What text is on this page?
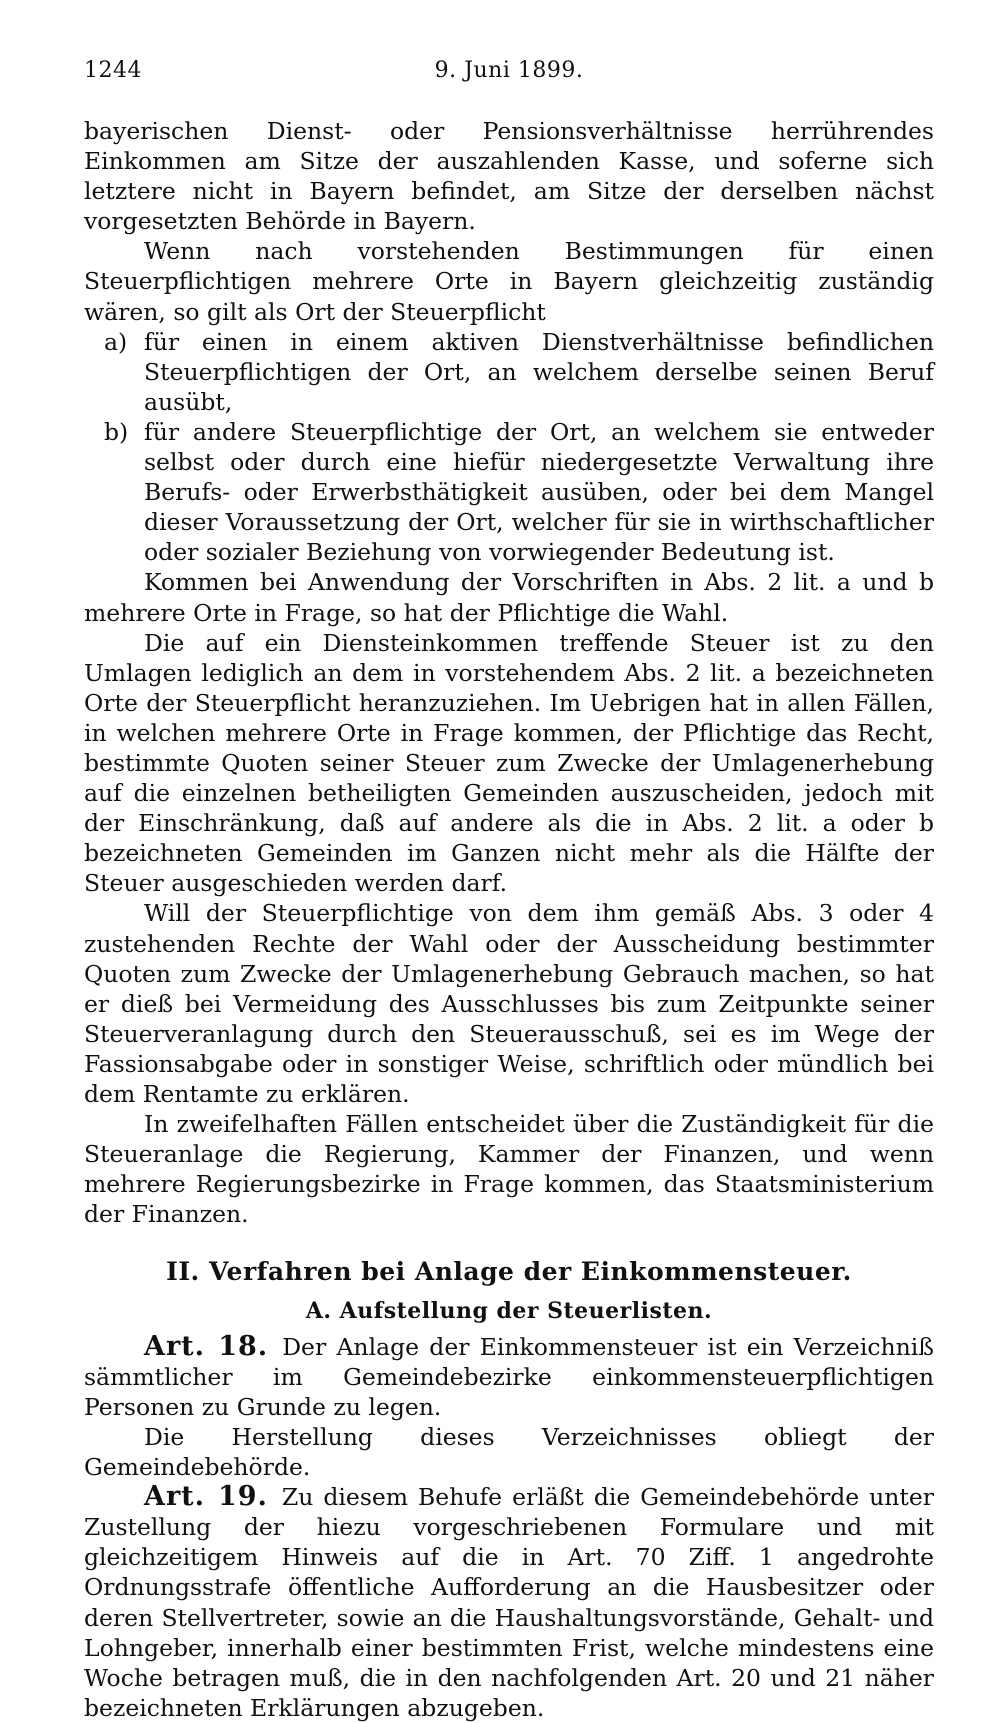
1244	9. Juni 1899.

bayerischen Dienst- oder Pensionsverhältnisse herrührendes Einkommen am Sitze der auszahlenden Kasse, und soferne sich letztere nicht in Bayern befindet, am Sitze der derselben nächst vorgesetzten Behörde in Bayern.

Wenn nach vorstehenden Bestimmungen für einen Steuerpflichtigen mehrere Orte in Bayern gleichzeitig zuständig wären, so gilt als Ort der Steuerpflicht

a) für einen in einem aktiven Dienstverhältnisse befindlichen Steuerpflichtigen der Ort, an welchem derselbe seinen Beruf ausübt,
b) für andere Steuerpflichtige der Ort, an welchem sie entweder selbst oder durch eine hiefür niedergesetzte Verwaltung ihre Berufs- oder Erwerbsthätigkeit ausüben, oder bei dem Mangel dieser Voraussetzung der Ort, welcher für sie in wirthschaftlicher oder sozialer Beziehung von vorwiegender Bedeutung ist.

Kommen bei Anwendung der Vorschriften in Abs. 2 lit. a und b mehrere Orte in Frage, so hat der Pflichtige die Wahl.

Die auf ein Diensteinkommen treffende Steuer ist zu den Umlagen lediglich an dem in vorstehendem Abs. 2 lit. a bezeichneten Orte der Steuerpflicht heranzuziehen. Im Uebrigen hat in allen Fällen, in welchen mehrere Orte in Frage kommen, der Pflichtige das Recht, bestimmte Quoten seiner Steuer zum Zwecke der Umlagenerhebung auf die einzelnen betheiligten Gemeinden auszuscheiden, jedoch mit der Einschränkung, daß auf andere als die in Abs. 2 lit. a oder b bezeichneten Gemeinden im Ganzen nicht mehr als die Hälfte der Steuer ausgeschieden werden darf.

Will der Steuerpflichtige von dem ihm gemäß Abs. 3 oder 4 zustehenden Rechte der Wahl oder der Ausscheidung bestimmter Quoten zum Zwecke der Umlagenerhebung Gebrauch machen, so hat er dieß bei Vermeidung des Ausschlusses bis zum Zeitpunkte seiner Steuerveranlagung durch den Steuerausschuß, sei es im Wege der Fassionsabgabe oder in sonstiger Weise, schriftlich oder mündlich bei dem Rentamte zu erklären.

In zweifelhaften Fällen entscheidet über die Zuständigkeit für die Steueranlage die Regierung, Kammer der Finanzen, und wenn mehrere Regierungsbezirke in Frage kommen, das Staatsministerium der Finanzen.

II. Verfahren bei Anlage der Einkommensteuer.
A. Aufstellung der Steuerlisten.

Art. 18. Der Anlage der Einkommensteuer ist ein Verzeichniß sämmtlicher im Gemeindebezirke einkommensteuerpflichtigen Personen zu Grunde zu legen.

Die Herstellung dieses Verzeichnisses obliegt der Gemeindebehörde.

Art. 19. Zu diesem Behufe erläßt die Gemeindebehörde unter Zustellung der hiezu vorgeschriebenen Formulare und mit gleichzeitigem Hinweis auf die in Art. 70 Ziff. 1 angedrohte Ordnungsstrafe öffentliche Aufforderung an die Hausbesitzer oder deren Stellvertreter, sowie an die Haushaltungsvorstände, Gehalt- und Lohngeber, innerhalb einer bestimmten Frist, welche mindestens eine Woche betragen muß, die in den nachfolgenden Art. 20 und 21 näher bezeichneten Erklärungen abzugeben.
